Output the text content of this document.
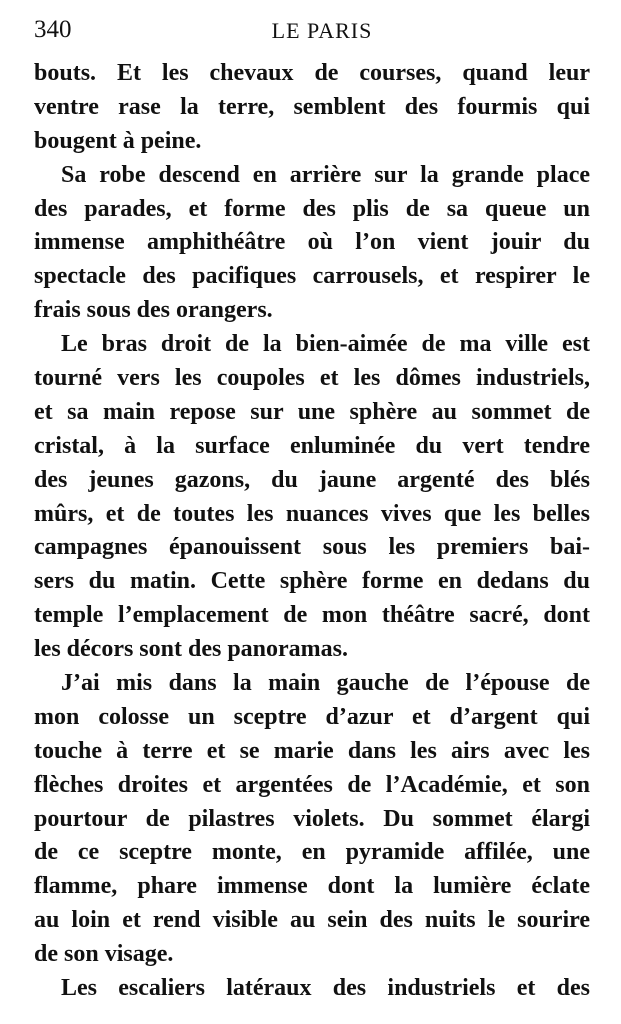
340	LE PARIS
bouts. Et les chevaux de courses, quand leur
ventre rase la terre, semblent des fourmis qui
bougent à peine.
Sa robe descend en arrière sur la grande place
des parades, et forme des plis de sa queue un
immense amphithéâtre où l’on vient jouir du
spectacle des pacifiques carrousels, et respirer le
frais sous des orangers.
Le bras droit de la bien-aimée de ma ville est
tourné vers les coupoles et les dômes industriels,
et sa main repose sur une sphère au sommet de
cristal, à la surface enluminée du vert tendre
des jeunes gazons, du jaune argenté des blés
mûrs, et de toutes les nuances vives que les belles
campagnes épanouissent sous les premiers bai-
sers du matin. Cette sphère forme en dedans du
temple l’emplacement de mon théâtre sacré, dont
les décors sont des panoramas.
J’ai mis dans la main gauche de l’épouse de
mon colosse un sceptre d’azur et d’argent qui
touche à terre et se marie dans les airs avec les
flèches droites et argentées de l’Académie, et son
pourtour de pilastres violets. Du sommet élargi
de ce sceptre monte, en pyramide affilée, une
flamme, phare immense dont la lumière éclate
au loin et rend visible au sein des nuits le sourire
de son visage.
Les escaliers latéraux des industriels et des
